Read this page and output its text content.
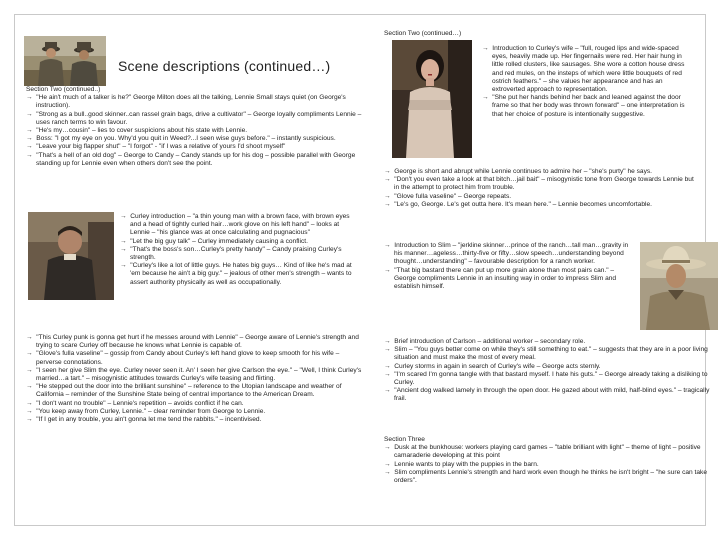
Section Two (continued…)
Scene descriptions (continued…)
Section Two (continued..)
→  "He ain't much of a talker is he?" George Milton does all the talking, Lennie Small stays quiet (on George's instruction).
→  "Strong as a bull..good skinner..can rassel grain bags, drive a cultivator" – George loyally compliments Lennie – uses ranch terms to win favour.
→  "He's my…cousin" – lies to cover suspicions about his state with Lennie.
→  Boss: "I got my eye on you. Why'd you quit in Weed?...I seen wise guys before." – instantly suspicious.
→  "Leave your big flapper shut" – "I forgot" - "if I was a relative of yours I'd shoot myself"
→  "That's a hell of an old dog" – George to Candy – Candy stands up for his dog – possible parallel with George standing up for Lennie even when others don't see the point.
→  Curley introduction – "a thin young man with a brown face, with brown eyes and a head of tightly curled hair…work glove on his left hand" – looks at Lennie – "his glance was at once calculating and pugnacious"
→  "Let the big guy talk" – Curley immediately causing a conflict.
→  "That's the boss's son…Curley's pretty handy" – Candy praising Curley's strength.
→  "Curley's like a lot of little guys. He hates big guys… Kind of like he's mad at 'em because he ain't a big guy." – jealous of other men's strength – wants to assert authority physically as well as occupationally.
→  "This Curley punk is gonna get hurt if he messes around with Lennie" – George aware of Lennie's strength and trying to scare Curley off because he knows what Lennie is capable of.
→  "Glove's fulla vaseline" – gossip from Candy about Curley's left hand glove to keep smooth for his wife – perverse connotations.
→  "I seen her give Slim the eye. Curley never seen it. An' I seen her give Carlson the eye." – "Well, I think Curley's married…a tart." – misogynistic attitudes towards Curley's wife teasing and flirting.
→  "He stepped out the door into the brilliant sunshine" – reference to the Utopian landscape and weather of California – reminder of the Sunshine State being of central importance to the American Dream.
→  "I don't want no trouble" – Lennie's repetition – avoids conflict if he can.
→  "You keep away from Curley, Lennie." – clear reminder from George to Lennie.
→  "If I get in any trouble, you ain't gonna let me tend the rabbits." – incentivised.
→  Introduction to Curley's wife – "full, rouged lips and wide-spaced eyes, heavily made up. Her fingernails were red. Her hair hung in little rolled clusters, like sausages. She wore a cotton house dress and red mules, on the insteps of which were little bouquets of red ostrich feathers." – she values her appearance and has an extroverted approach to representation.
→  "She put her hands behind her back and leaned against the door frame so that her body was thrown forward" – one interpretation is that her choice of posture is intentionally suggestive.
→  George is short and abrupt while Lennie continues to admire her – "she's purty" he says.
→  "Don't you even take a look at that bitch…jail bait" – misogynistic tone from George towards Lennie but in the attempt to protect him from trouble.
→  "Glove fulla vaseline" – George repeats.
→  "Le's go, George. Le's get outta here. It's mean here." – Lennie becomes uncomfortable.
→  Introduction to Slim – "jerkline skinner…prince of the ranch…tall man…gravity in his manner…ageless…thirty-five or fifty…slow speech…understanding beyond thought…understanding" – favourable description for a ranch worker.
→  "That big bastard there can put up more grain alone than most pairs can." – George compliments Lennie in an insulting way in order to impress Slim and establish himself.
→  Brief introduction of Carlson – additional worker – secondary role.
→  Slim – "You guys better come on while they's still something to eat." – suggests that they are in a poor living situation and must make the most of every meal.
→  Curley storms in again in search of Curley's wife – George acts sternly.
→  "I'm scared I'm gonna tangle with that bastard myself. I hate his guts." – George already taking a disliking to Curley.
→  "Ancient dog walked lamely in through the open door. He gazed about with mild, half-blind eyes." – tragically frail.
Section Three
→  Dusk at the bunkhouse: workers playing card games – "table brilliant with light" – theme of light – positive camaraderie developing at this point
→  Lennie wants to play with the puppies in the barn.
→  Slim compliments Lennie's strength and hard work even though he thinks he isn't bright – "he sure can take orders".
